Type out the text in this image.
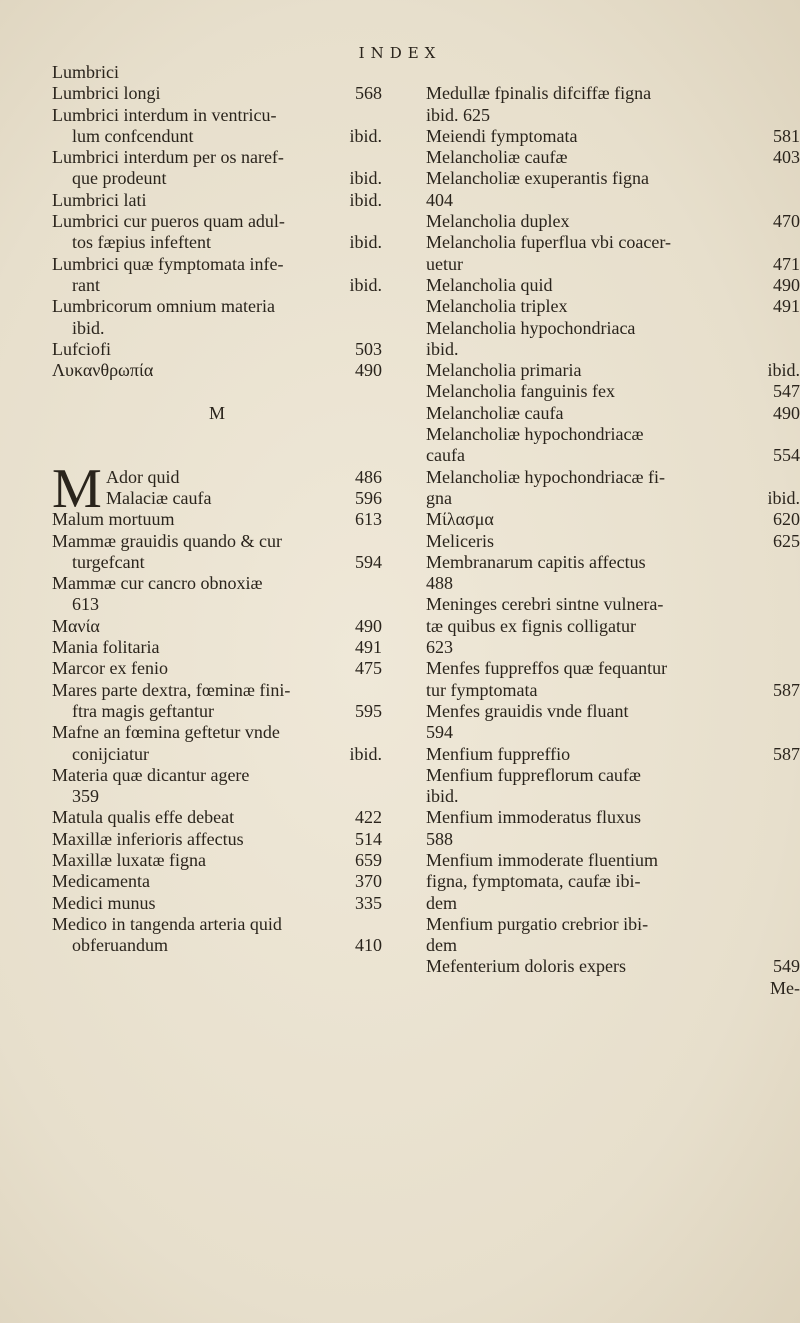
INDEX
Lumbrici
Lumbrici longi	568
Lumbrici interdum in ventricu-
lum confcendunt	ibid.
Lumbrici interdum per os naref-
que prodeunt	ibid.
Lumbrici lati	ibid.
Lumbrici cur pueros quam adul-
tos fæpius infeftent	ibid.
Lumbrici quæ fymptomata infe-
rant	ibid.
Lumbricorum omnium materia
ibid.
Lufciofi	503
Λυκανθρωπία	490
M
Ador quid	486
M Malaciæ caufa	596
Malum mortuum	613
Mammæ grauidis quando & cur
turgefcant	594
Mammæ cur cancro obnoxiæ
613
Μανία	490
Mania folitaria	491
Marcor ex fenio	475
Mares parte dextra, fœminæ fini-
ftra magis geftantur	595
Mafne an fœmina geftetur vnde
conijciatur	ibid.
Materia quæ dicantur agere
359
Matula qualis effe debeat	422
Maxillæ inferioris affectus	514
Maxillæ luxatæ figna	659
Medicamenta	370
Medici munus	335
Medico in tangenda arteria quid
obferuandum	410
Medullæ fpinalis difciffæ figna
ibid. 625
Meiendi fymptomata	581
Melancholiæ caufæ	403
Melancholiæ exuperantis figna
404
Melancholia duplex	470
Melancholia fuperflua vbi coacer-
uetur	471
Melancholia quid	490
Melancholia triplex	491
Melancholia hypochondriaca
ibid.
Melancholia primaria	ibid.
Melancholia fanguinis fex	547
Melancholiæ caufa	490
Melancholiæ hypochondriacæ
caufa	554
Melancholiæ hypochondriacæ fi-
gna	ibid.
Μίλασμα	620
Meliceris	625
Membranarum capitis affectus
488
Meninges cerebri sintne vulnera-
tæ quibus ex fignis colligatur
623
Menfes fuppreffos quæ fequantur
tur fymptomata	587
Menfes grauidis vnde fluant
594
Menfium fuppreffio	587
Menfium fuppreflorum caufæ
ibid.
Menfium immoderatus fluxus
588
Menfium immoderate fluentium
figna, fymptomata, caufæ ibi-
dem
Menfium purgatio crebrior ibi-
dem
Mefenterium doloris expers	549
Me-
